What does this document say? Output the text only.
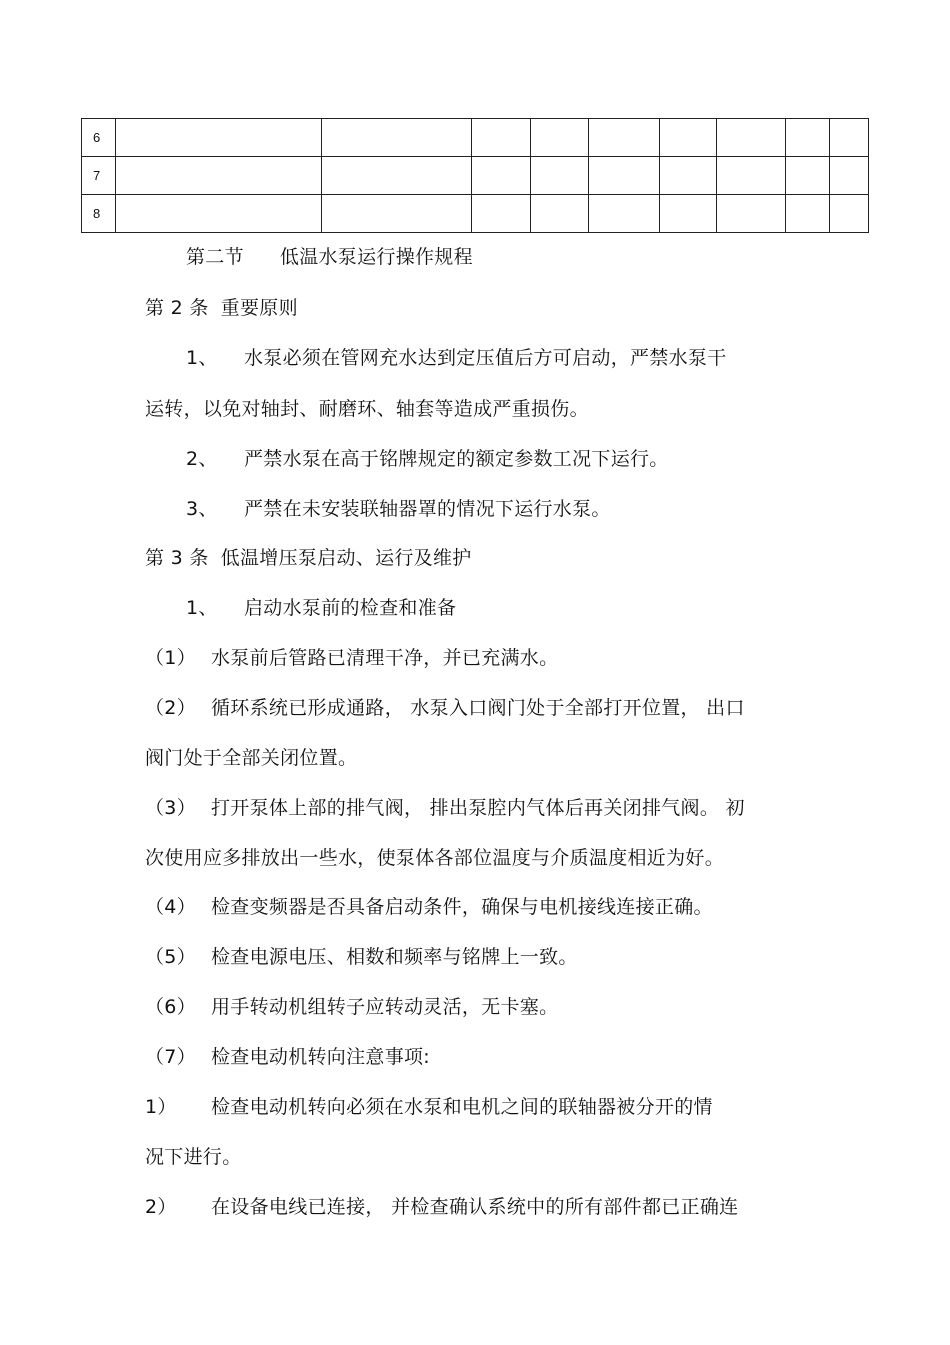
6									
7									
8									
第二节 低温水泵运行操作规程
第 2 条 重要原则
1、 水泵必须在管网充水达到定压值后方可启动，严禁水泵干
运转，以免对轴封、耐磨环、轴套等造成严重损伤。
2、 严禁水泵在高于铭牌规定的额定参数工况下运行。
3、 严禁在未安装联轴器罩的情况下运行水泵。
第 3 条 低温增压泵启动、运行及维护
1、 启动水泵前的检查和准备
（1） 水泵前后管路已清理干净，并已充满水。
（2） 循环系统已形成通路， 水泵入口阀门处于全部打开位置， 出口
阀门处于全部关闭位置。
（3） 打开泵体上部的排气阀， 排出泵腔内气体后再关闭排气阀。 初
次使用应多排放出一些水，使泵体各部位温度与介质温度相近为好。
（4） 检查变频器是否具备启动条件，确保与电机接线连接正确。
（5） 检查电源电压、相数和频率与铭牌上一致。
（6） 用手转动机组转子应转动灵活，无卡塞。
（7） 检查电动机转向注意事项:
1） 检查电动机转向必须在水泵和电机之间的联轴器被分开的情
况下进行。
2） 在设备电线已连接， 并检查确认系统中的所有部件都已正确连
